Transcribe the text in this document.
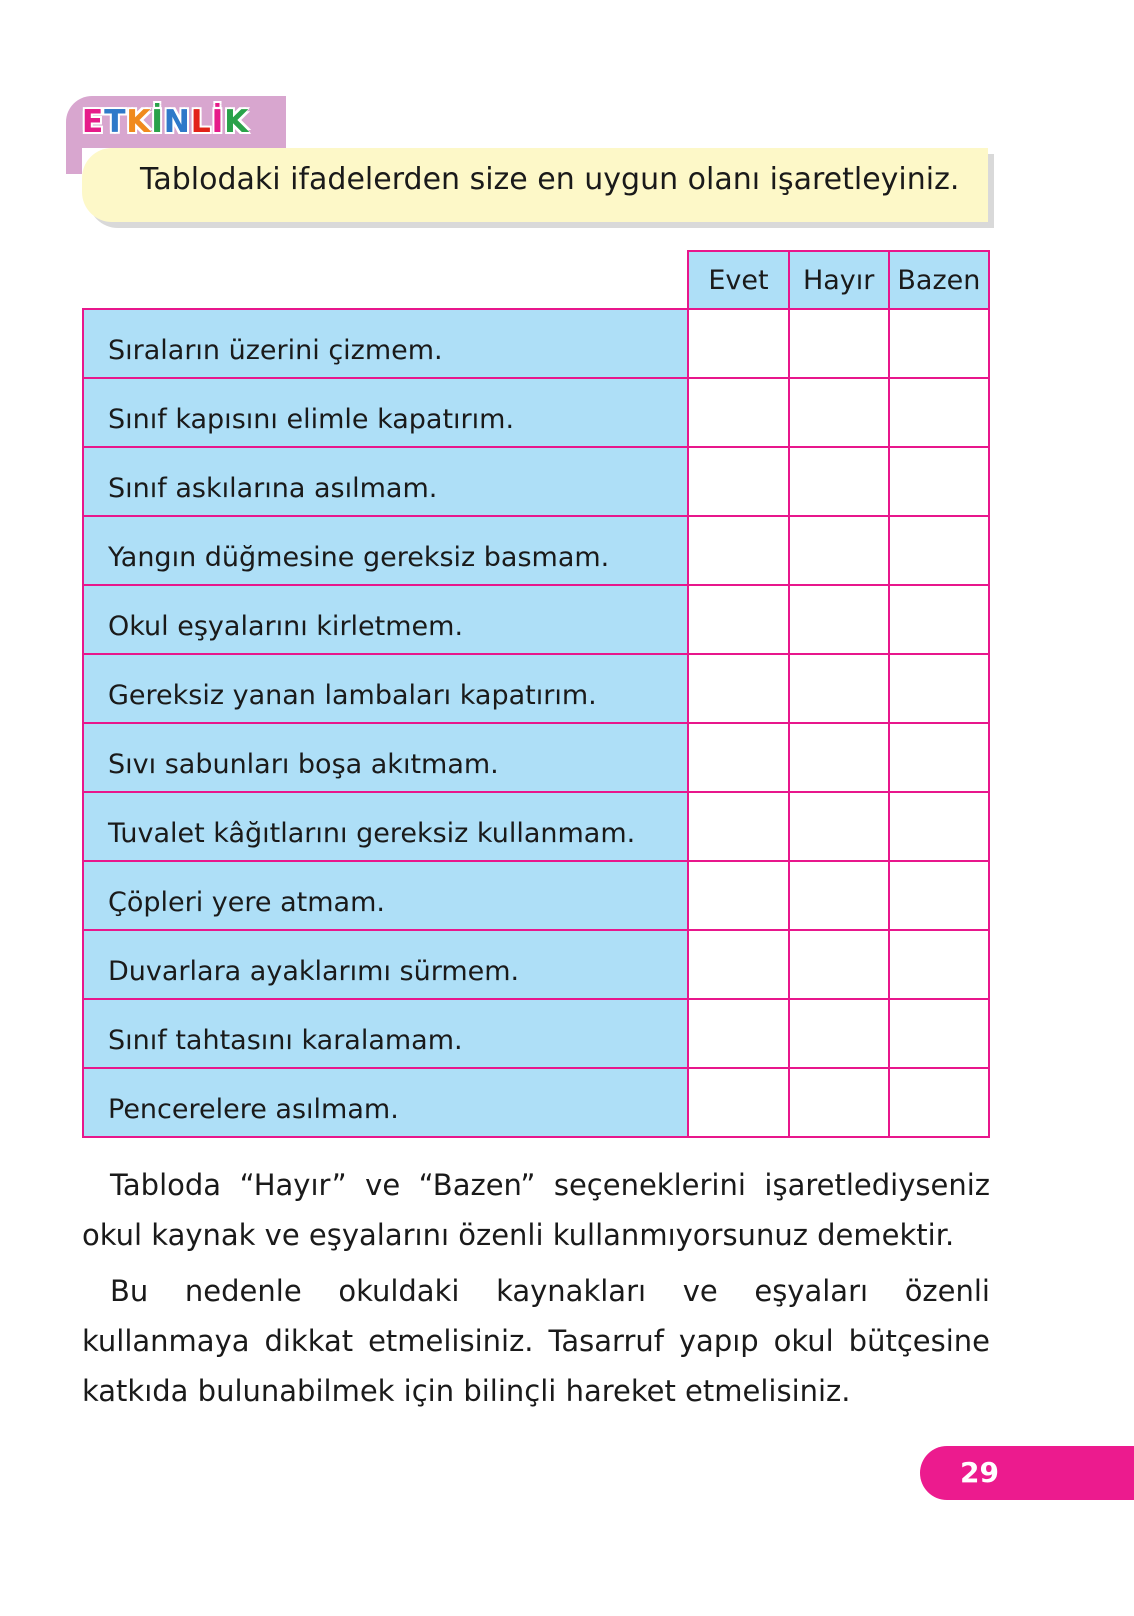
ETKİNLİK

Tablodaki ifadelerden size en uygun olanı işaretleyiniz.

	Evet	Hayır	Bazen
Sıraların üzerini çizmem.			
Sınıf kapısını elimle kapatırım.			
Sınıf askılarına asılmam.			
Yangın düğmesine gereksiz basmam.			
Okul eşyalarını kirletmem.			
Gereksiz yanan lambaları kapatırım.			
Sıvı sabunları boşa akıtmam.			
Tuvalet kâğıtlarını gereksiz kullanmam.			
Çöpleri yere atmam.			
Duvarlara ayaklarımı sürmem.			
Sınıf tahtasını karalamam.			
Pencerelere asılmam.			

Tabloda “Hayır” ve “Bazen” seçeneklerini işaretlediyseniz okul kaynak ve eşyalarını özenli kullanmıyorsunuz demektir.

Bu nedenle okuldaki kaynakları ve eşyaları özenli kullanmaya dikkat etmelisiniz. Tasarruf yapıp okul bütçesine katkıda bulunabilmek için bilinçli hareket etmelisiniz.

29
